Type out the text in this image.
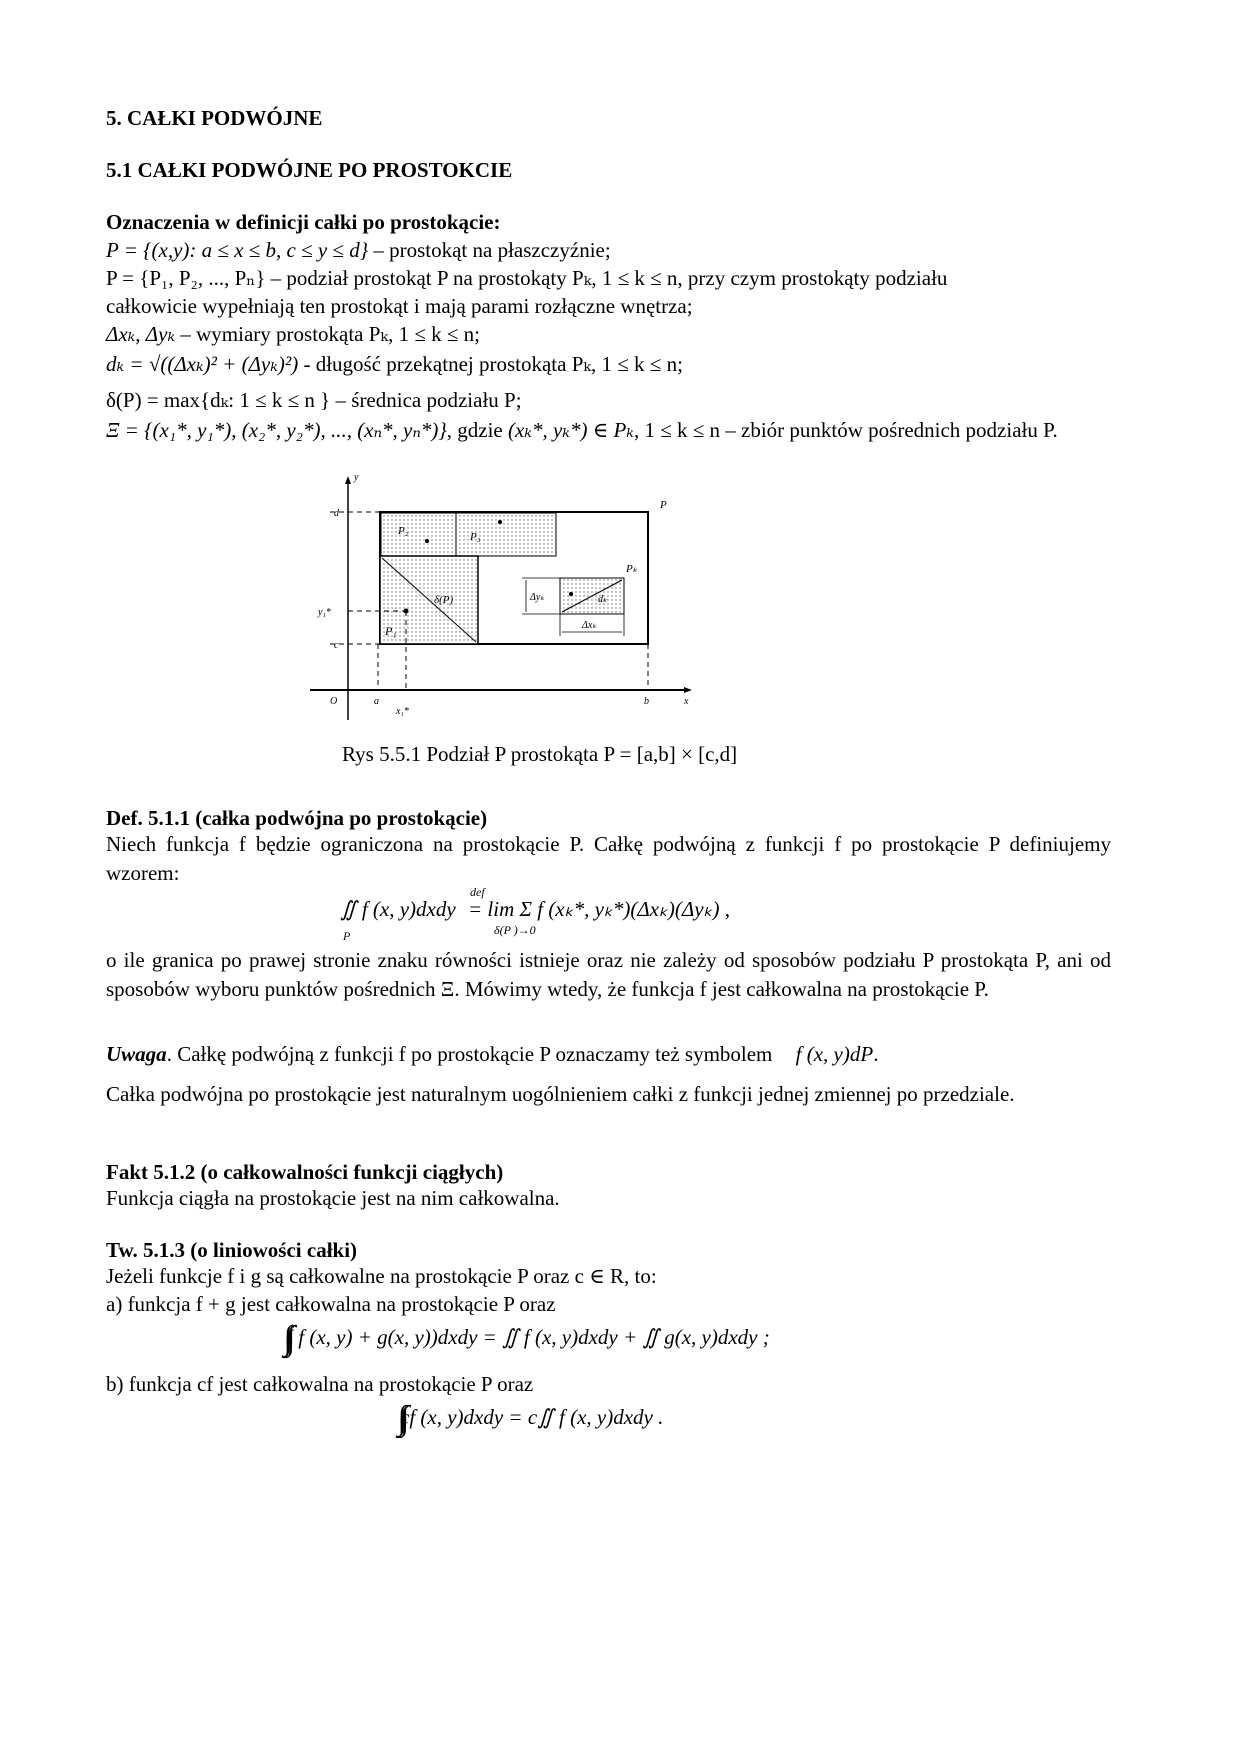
5. CAŁKI PODWÓJNE
5.1 CAŁKI PODWÓJNE PO PROSTOKCIE
Oznaczenia w definicji całki po prostokącie:
P = {(x,y): a ≤ x ≤ b, c ≤ y ≤ d} – prostokąt na płaszczyźnie;
P = {P₁, P₂, ..., Pₙ} – podział prostokąt P na prostokąty Pₖ, 1 ≤ k ≤ n, przy czym prostokąty podziału
całkowicie wypełniają ten prostokąt i mają parami rozłączne wnętrza;
Δxₖ, Δyₖ – wymiary prostokąta Pₖ, 1 ≤ k ≤ n;
dₖ = √((Δxₖ)² + (Δyₖ)²) - długość przekątnej prostokąta Pₖ, 1 ≤ k ≤ n;
δ(P) = max{dₖ: 1 ≤ k ≤ n } – średnica podziału P;
Ξ = {(x₁*, y₁*), (x₂*, y₂*), ..., (xₙ*, yₙ*)}, gdzie (xₖ*, yₖ*) ∈ Pₖ, 1 ≤ k ≤ n – zbiór punktów pośrednich podziału P.
y
x
O	a	b
c
d
P
P₁
P₂	P₃
Pₖ
δ(P)	dₖ
Δyₖ
Δxₖ
x₁*
y₁*
Rys 5.5.1 Podział P prostokąta P = [a,b] × [c,d]
Def. 5.1.1 (całka podwójna po prostokącie)
Niech funkcja f będzie ograniczona na prostokącie P. Całkę podwójną z funkcji f po prostokącie P definiujemy wzorem:
∬ f (x, y)dxdy
def
= lim Σ f (xₖ*, yₖ*)(Δxₖ)(Δyₖ) ,
δ(P )→0
P
o ile granica po prawej stronie znaku równości istnieje oraz nie zależy od sposobów podziału P prostokąta P, ani od sposobów wyboru punktów pośrednich Ξ. Mówimy wtedy, że funkcja f jest całkowalna na prostokącie P.
Uwaga. Całkę podwójną z funkcji f po prostokącie P oznaczamy też symbolem f (x, y)dP.
Całka podwójna po prostokącie jest naturalnym uogólnieniem całki z funkcji jednej zmiennej po przedziale.
Fakt 5.1.2 (o całkowalności funkcji ciągłych)
Funkcja ciągła na prostokącie jest na nim całkowalna.
Tw. 5.1.3 (o liniowości całki)
Jeżeli funkcje f i g są całkowalne na prostokącie P oraz c ∈ R, to:
a) funkcja f + g jest całkowalna na prostokącie P oraz
( f (x, y) + g(x, y))dxdy = ∬ f (x, y)dxdy + ∬ g(x, y)dxdy ;
b) funkcja cf jest całkowalna na prostokącie P oraz
cf (x, y)dxdy = c∬ f (x, y)dxdy .
